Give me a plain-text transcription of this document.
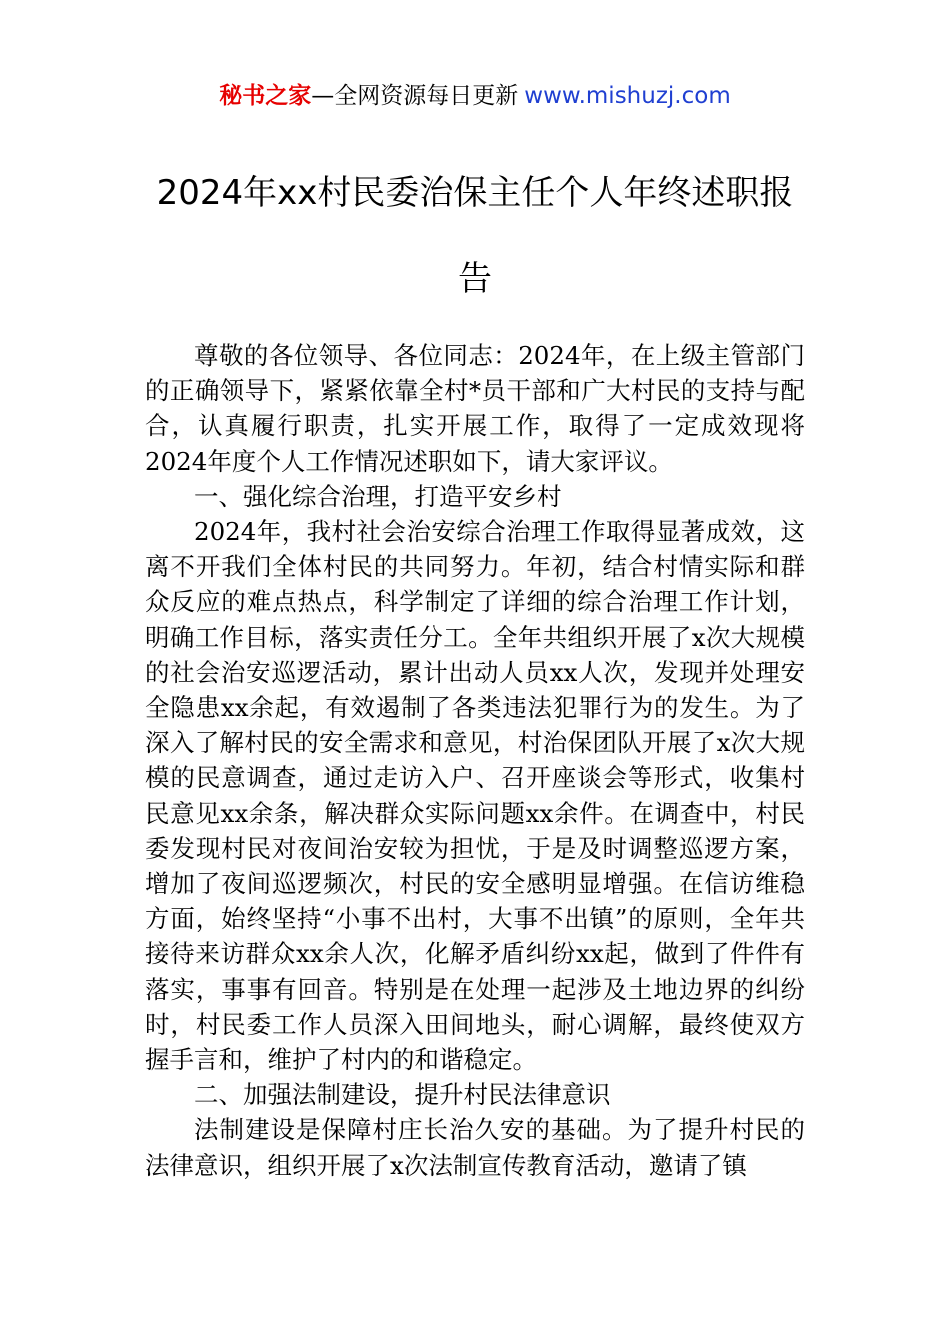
秘书之家—全网资源每日更新 www.mishuzj.com
2024年xx村民委治保主任个人年终述职报告

尊敬的各位领导、各位同志：2024年，在上级主管部门的正确领导下，紧紧依靠全村*员干部和广大村民的支持与配合，认真履行职责，扎实开展工作，取得了一定成效现将2024年度个人工作情况述职如下，请大家评议。

一、强化综合治理，打造平安乡村

2024年，我村社会治安综合治理工作取得显著成效，这离不开我们全体村民的共同努力。年初，结合村情实际和群众反应的难点热点，科学制定了详细的综合治理工作计划，明确工作目标，落实责任分工。全年共组织开展了x次大规模的社会治安巡逻活动，累计出动人员xx人次，发现并处理安全隐患xx余起，有效遏制了各类违法犯罪行为的发生。为了深入了解村民的安全需求和意见，村治保团队开展了x次大规模的民意调查，通过走访入户、召开座谈会等形式，收集村民意见xx余条，解决群众实际问题xx余件。在调查中，村民委发现村民对夜间治安较为担忧，于是及时调整巡逻方案，增加了夜间巡逻频次，村民的安全感明显增强。在信访维稳方面，始终坚持“小事不出村，大事不出镇”的原则，全年共接待来访群众xx余人次，化解矛盾纠纷xx起，做到了件件有落实，事事有回音。特别是在处理一起涉及土地边界的纠纷时，村民委工作人员深入田间地头，耐心调解，最终使双方握手言和，维护了村内的和谐稳定。

二、加强法制建设，提升村民法律意识

法制建设是保障村庄长治久安的基础。为了提升村民的法律意识，组织开展了x次法制宣传教育活动，邀请了镇
